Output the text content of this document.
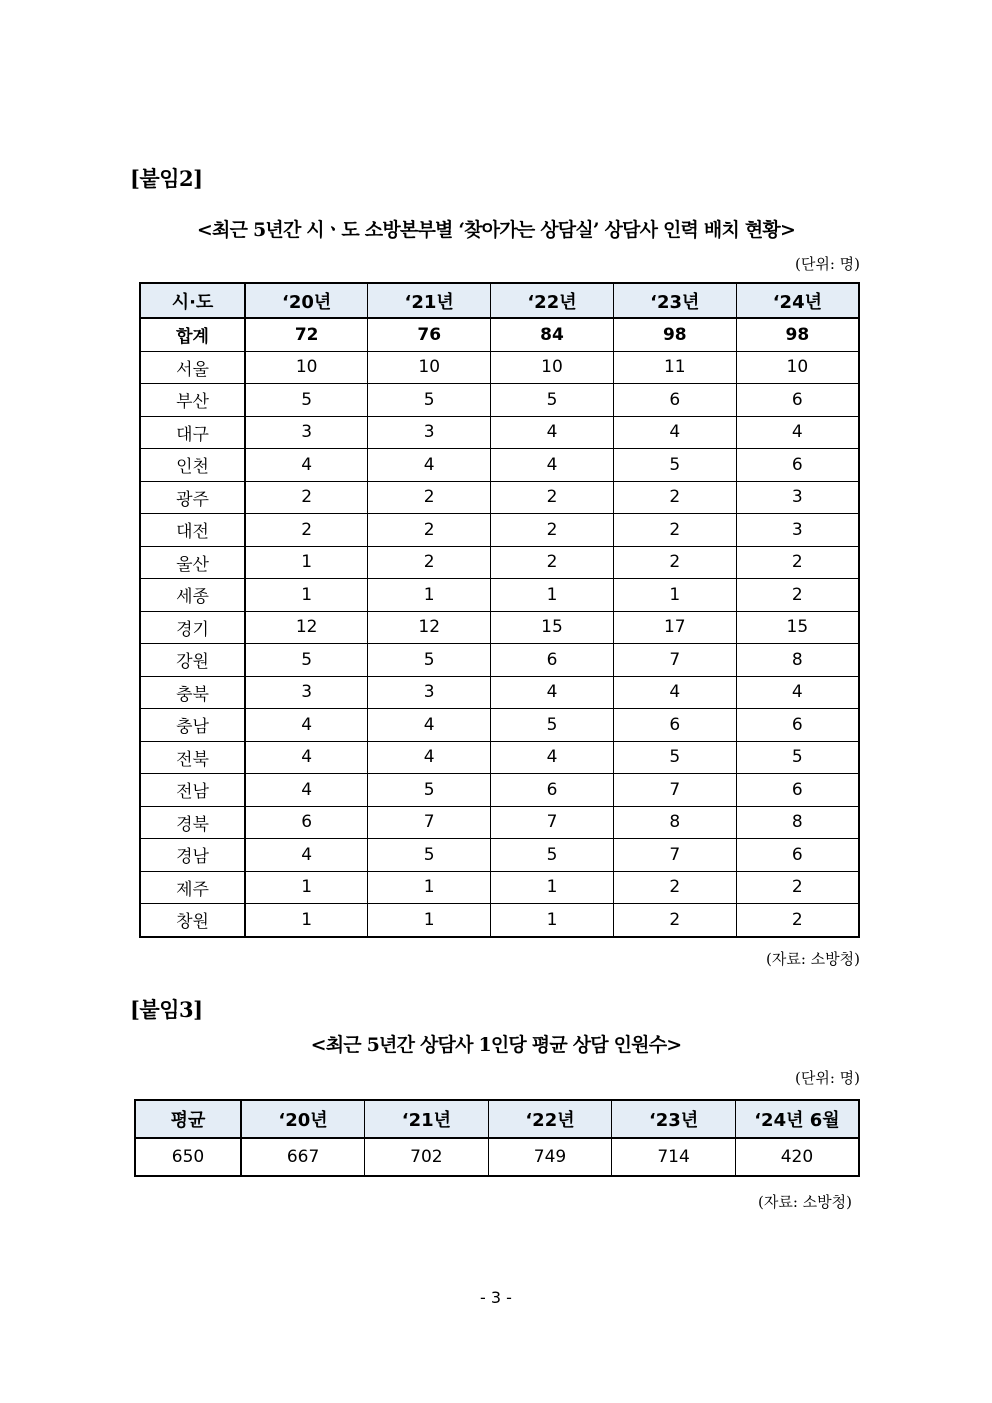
[붙임2]
<최근 5년간 시ㆍ도 소방본부별 ‘찾아가는 상담실’ 상담사 인력 배치 현황>
(단위: 명)
시·도	‘20년	‘21년	‘22년	‘23년	‘24년
합계	72	76	84	98	98
서울	10	10	10	11	10
부산	5	5	5	6	6
대구	3	3	4	4	4
인천	4	4	4	5	6
광주	2	2	2	2	3
대전	2	2	2	2	3
울산	1	2	2	2	2
세종	1	1	1	1	2
경기	12	12	15	17	15
강원	5	5	6	7	8
충북	3	3	4	4	4
충남	4	4	5	6	6
전북	4	4	4	5	5
전남	4	5	6	7	6
경북	6	7	7	8	8
경남	4	5	5	7	6
제주	1	1	1	2	2
창원	1	1	1	2	2
(자료: 소방청)
[붙임3]
<최근 5년간 상담사 1인당 평균 상담 인원수>
(단위: 명)
평균	‘20년	‘21년	‘22년	‘23년	‘24년 6월
650	667	702	749	714	420
(자료: 소방청)
- 3 -
